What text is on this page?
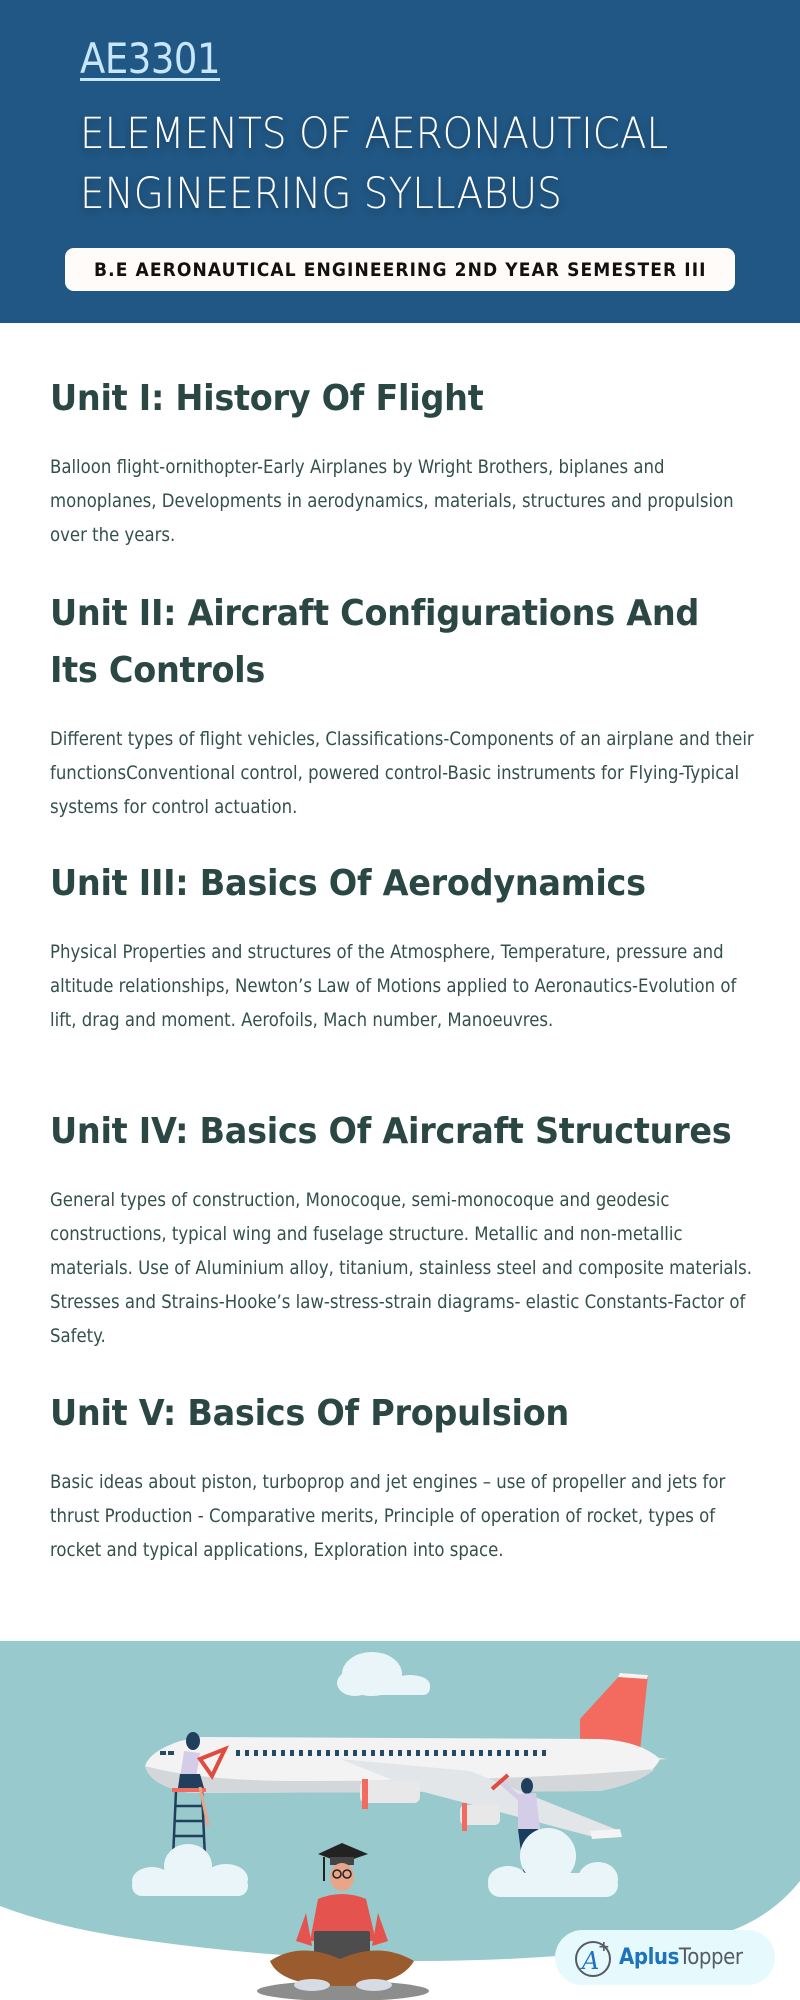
AE3301
ELEMENTS OF AERONAUTICAL
ENGINEERING SYLLABUS
B.E AERONAUTICAL ENGINEERING 2ND YEAR SEMESTER III
Unit I: History Of Flight

Balloon flight-ornithopter-Early Airplanes by Wright Brothers, biplanes and monoplanes, Developments in aerodynamics, materials, structures and propulsion over the years.

Unit II: Aircraft Configurations And Its Controls

Different types of flight vehicles, Classifications-Components of an airplane and their functionsConventional control, powered control-Basic instruments for Flying-Typical systems for control actuation.

Unit III: Basics Of Aerodynamics

Physical Properties and structures of the Atmosphere, Temperature, pressure and altitude relationships, Newton’s Law of Motions applied to Aeronautics-Evolution of lift, drag and moment. Aerofoils, Mach number, Manoeuvres.

Unit IV: Basics Of Aircraft Structures

General types of construction, Monocoque, semi-monocoque and geodesic constructions, typical wing and fuselage structure. Metallic and non-metallic materials. Use of Aluminium alloy, titanium, stainless steel and composite materials. Stresses and Strains-Hooke’s law-stress-strain diagrams- elastic Constants-Factor of Safety.

Unit V: Basics Of Propulsion

Basic ideas about piston, turboprop and jet engines – use of propeller and jets for thrust Production - Comparative merits, Principle of operation of rocket, types of rocket and typical applications, Exploration into space.

A
+ AplusTopper
